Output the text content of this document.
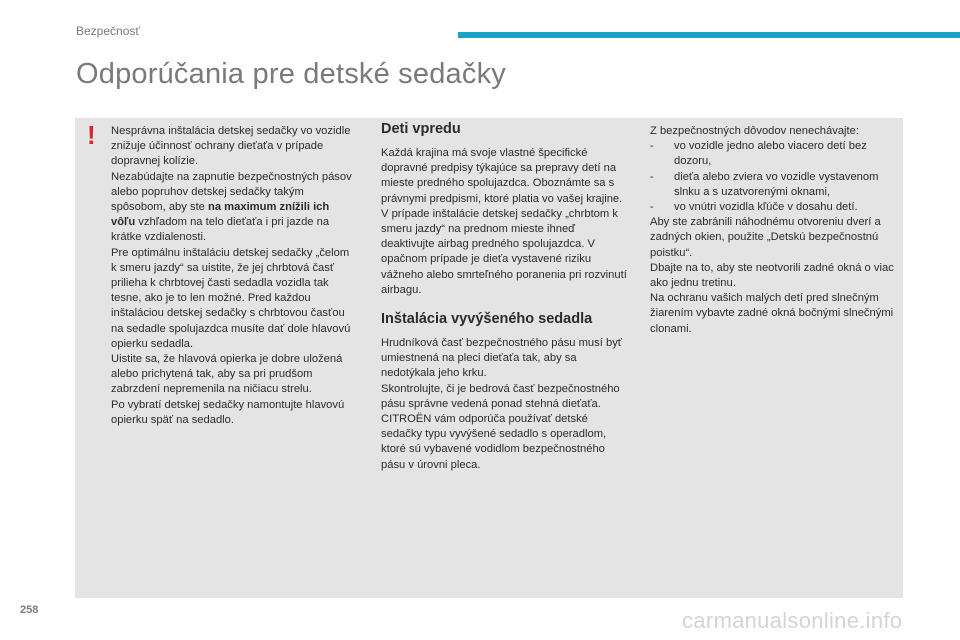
Bezpečnosť
Odporúčania pre detské sedačky
! Nesprávna inštalácia detskej sedačky vo vozidle znižuje účinnosť ochrany dieťaťa v prípade dopravnej kolízie.

Nezabúdajte na zapnutie bezpečnostných pásov alebo popruhov detskej sedačky takým spôsobom, aby ste na maximum znížili ich vôľu vzhľadom na telo dieťaťa i pri jazde na krátke vzdialenosti.

Pre optimálnu inštaláciu detskej sedačky „čelom k smeru jazdy“ sa uistite, že jej chrbtová časť prilieha k chrbtovej časti sedadla vozidla tak tesne, ako je to len možné. Pred každou inštaláciou detskej sedačky s chrbtovou časťou na sedadle spolujazdca musíte dať dole hlavovú opierku sedadla.

Uistite sa, že hlavová opierka je dobre uložená alebo prichytená tak, aby sa pri prudšom zabrzdení nepremenila na ničiacu strelu.

Po vybratí detskej sedačky namontujte hlavovú opierku späť na sedadlo.

Deti vpredu

Každá krajina má svoje vlastné špecifické dopravné predpisy týkajúce sa prepravy detí na mieste predného spolujazdca. Oboznámte sa s právnymi predpismi, ktoré platia vo vašej krajine.

V prípade inštalácie detskej sedačky „chrbtom k smeru jazdy“ na prednom mieste ihneď deaktivujte airbag predného spolujazdca. V opačnom prípade je dieťa vystavené riziku vážneho alebo smrteľného poranenia pri rozvinutí airbagu.

Inštalácia vyvýšeného sedadla

Hrudníková časť bezpečnostného pásu musí byť umiestnená na pleci dieťaťa tak, aby sa nedotýkala jeho krku.

Skontrolujte, či je bedrová časť bezpečnostného pásu správne vedená ponad stehná dieťaťa.

CITROËN vám odporúča používať detské sedačky typu vyvýšené sedadlo s operadlom, ktoré sú vybavené vodidlom bezpečnostného pásu v úrovni pleca.

Z bezpečnostných dôvodov nenechávajte:

-	vo vozidle jedno alebo viacero detí bez dozoru,
-	dieťa alebo zviera vo vozidle vystavenom slnku a s uzatvorenými oknami,
-	vo vnútri vozidla kľúče v dosahu detí.

Aby ste zabránili náhodnému otvoreniu dverí a zadných okien, použite „Detskú bezpečnostnú poistku“.

Dbajte na to, aby ste neotvorili zadné okná o viac ako jednu tretinu.

Na ochranu vašich malých detí pred slnečným žiarením vybavte zadné okná bočnými slnečnými clonami.

258	carmanualsonline.info
